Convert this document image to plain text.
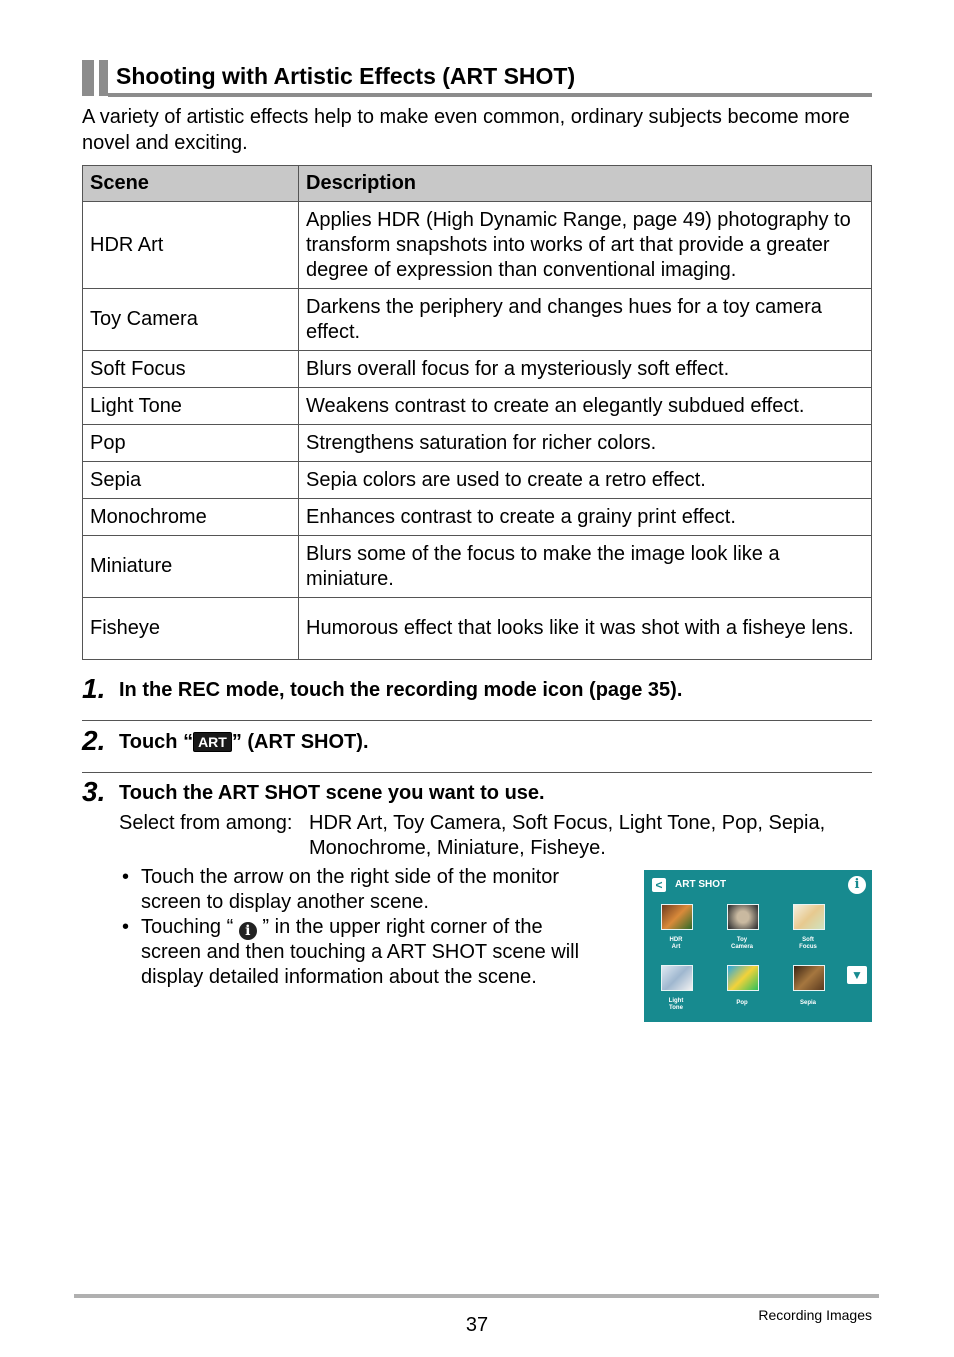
Shooting with Artistic Effects (ART SHOT)
A variety of artistic effects help to make even common, ordinary subjects become more novel and exciting.
Scene	Description
HDR Art	Applies HDR (High Dynamic Range, page 49) photography to transform snapshots into works of art that provide a greater degree of expression than conventional imaging.
Toy Camera	Darkens the periphery and changes hues for a toy camera effect.
Soft Focus	Blurs overall focus for a mysteriously soft effect.
Light Tone	Weakens contrast to create an elegantly subdued effect.
Pop	Strengthens saturation for richer colors.
Sepia	Sepia colors are used to create a retro effect.
Monochrome	Enhances contrast to create a grainy print effect.
Miniature	Blurs some of the focus to make the image look like a miniature.
Fisheye	Humorous effect that looks like it was shot with a fisheye lens.
1. In the REC mode, touch the recording mode icon (page 35).
2. Touch “ ART ” (ART SHOT).
3. Touch the ART SHOT scene you want to use.
Select from among: HDR Art, Toy Camera, Soft Focus, Light Tone, Pop, Sepia,
Monochrome, Miniature, Fisheye.
• Touch the arrow on the right side of the monitor
screen to display another scene.
• Touching “ i ” in the upper right corner of the
screen and then touching a ART SHOT scene will
display detailed information about the scene.
<	ART SHOT	i
HDR
Art
Toy
Camera
Soft
Focus
Light
Tone
Pop	Sepia
▼
37	Recording Images
